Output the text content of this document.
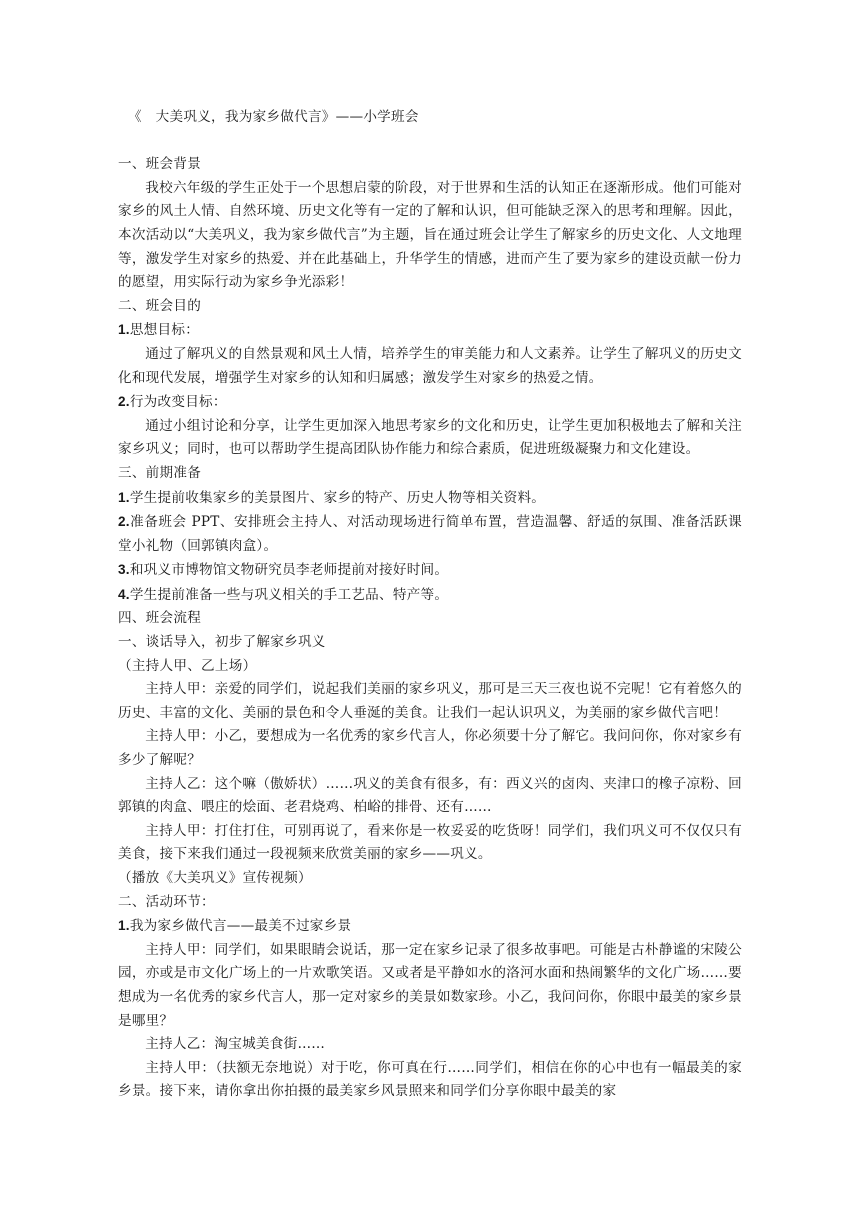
《　大美巩义，我为家乡做代言》——小学班会

一、班会背景

我校六年级的学生正处于一个思想启蒙的阶段，对于世界和生活的认知正在逐渐形成。他们可能对家乡的风土人情、自然环境、历史文化等有一定的了解和认识，但可能缺乏深入的思考和理解。因此，本次活动以“大美巩义，我为家乡做代言”为主题，旨在通过班会让学生了解家乡的历史文化、人文地理等，激发学生对家乡的热爱、并在此基础上，升华学生的情感，进而产生了要为家乡的建设贡献一份力的愿望，用实际行动为家乡争光添彩！

二、班会目的

1.思想目标：

通过了解巩义的自然景观和风土人情，培养学生的审美能力和人文素养。让学生了解巩义的历史文化和现代发展，增强学生对家乡的认知和归属感；激发学生对家乡的热爱之情。

2.行为改变目标：

通过小组讨论和分享，让学生更加深入地思考家乡的文化和历史，让学生更加积极地去了解和关注家乡巩义；同时，也可以帮助学生提高团队协作能力和综合素质，促进班级凝聚力和文化建设。

三、前期准备

1.学生提前收集家乡的美景图片、家乡的特产、历史人物等相关资料。

2.准备班会 PPT、安排班会主持人、对活动现场进行简单布置，营造温馨、舒适的氛围、准备活跃课堂小礼物（回郭镇肉盒）。

3.和巩义市博物馆文物研究员李老师提前对接好时间。

4.学生提前准备一些与巩义相关的手工艺品、特产等。

四、班会流程

一、谈话导入，初步了解家乡巩义

（主持人甲、乙上场）

主持人甲：亲爱的同学们，说起我们美丽的家乡巩义，那可是三天三夜也说不完呢！它有着悠久的历史、丰富的文化、美丽的景色和令人垂涎的美食。让我们一起认识巩义，为美丽的家乡做代言吧！

主持人甲：小乙，要想成为一名优秀的家乡代言人，你必须要十分了解它。我问问你，你对家乡有多少了解呢？

主持人乙：这个嘛（傲娇状）……巩义的美食有很多，有：西义兴的卤肉、夹津口的橡子凉粉、回郭镇的肉盒、喂庄的烩面、老君烧鸡、柏峪的排骨、还有……

主持人甲：打住打住，可别再说了，看来你是一枚妥妥的吃货呀！同学们，我们巩义可不仅仅只有美食，接下来我们通过一段视频来欣赏美丽的家乡——巩义。

（播放《大美巩义》宣传视频）

二、活动环节：

1.我为家乡做代言——最美不过家乡景

主持人甲：同学们，如果眼睛会说话，那一定在家乡记录了很多故事吧。可能是古朴静谧的宋陵公园，亦或是市文化广场上的一片欢歌笑语。又或者是平静如水的洛河水面和热闹繁华的文化广场……要想成为一名优秀的家乡代言人，那一定对家乡的美景如数家珍。小乙，我问问你，你眼中最美的家乡景是哪里？

主持人乙：淘宝城美食街……

主持人甲：（扶额无奈地说）对于吃，你可真在行……同学们，相信在你的心中也有一幅最美的家乡景。接下来，请你拿出你拍摄的最美家乡风景照来和同学们分享你眼中最美的家
